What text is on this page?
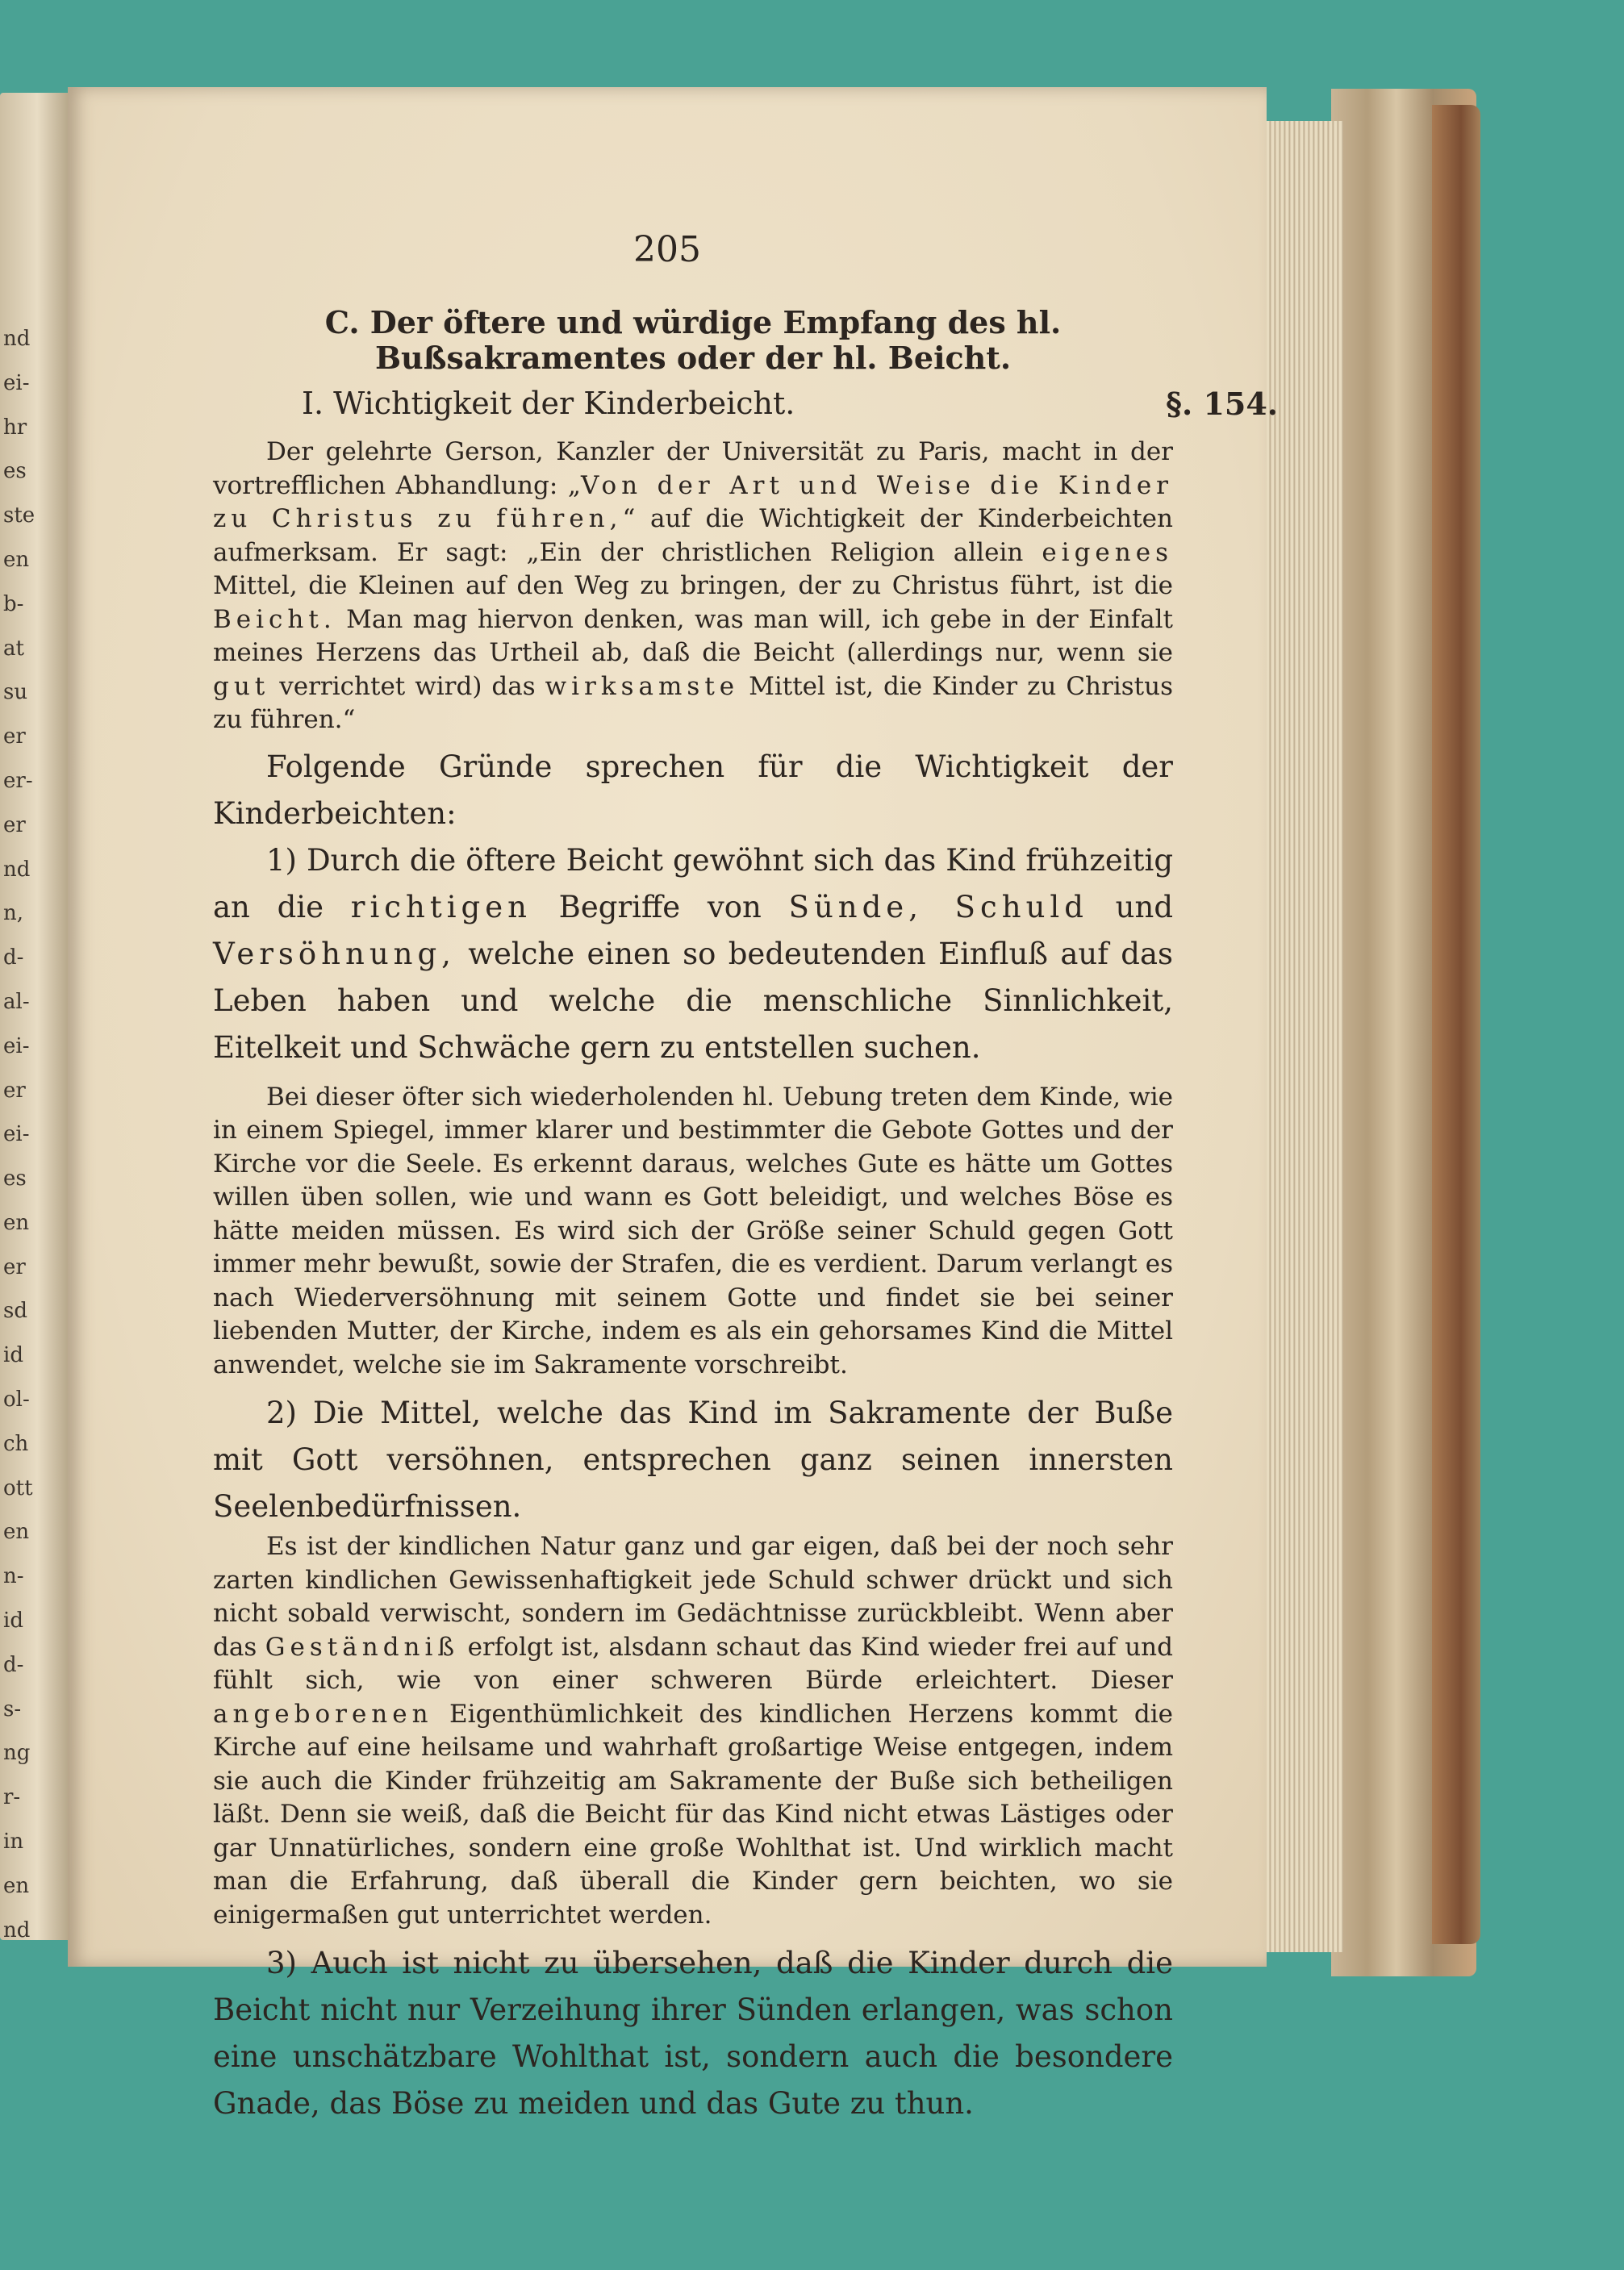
nd
ei-
hr
es
ste
en
b-
at
su
er
er-
er
nd
n,
d-
al-
ei-
er
ei-
es
en
er
sd
id
ol-
ch
ott
en
n-
id
d-
s-
ng
r-
in
en
nd
205
C. Der öftere und würdige Empfang des hl. Bußsakramentes oder der hl. Beicht.
I. Wichtigkeit der Kinderbeicht.	§. 154.

Der gelehrte Gerson, Kanzler der Universität zu Paris, macht in der vortrefflichen Abhandlung: „Von der Art und Weise die Kinder zu Christus zu führen,“ auf die Wichtigkeit der Kinderbeichten aufmerksam. Er sagt: „Ein der christlichen Religion allein eigenes Mittel, die Kleinen auf den Weg zu bringen, der zu Christus führt, ist die Beicht. Man mag hiervon denken, was man will, ich gebe in der Einfalt meines Herzens das Urtheil ab, daß die Beicht (allerdings nur, wenn sie gut verrichtet wird) das wirksamste Mittel ist, die Kinder zu Christus zu führen.“

Folgende Gründe sprechen für die Wichtigkeit der Kinderbeichten:

1) Durch die öftere Beicht gewöhnt sich das Kind frühzeitig an die richtigen Begriffe von Sünde, Schuld und Versöhnung, welche einen so bedeutenden Einfluß auf das Leben haben und welche die menschliche Sinnlichkeit, Eitelkeit und Schwäche gern zu entstellen suchen.

Bei dieser öfter sich wiederholenden hl. Uebung treten dem Kinde, wie in einem Spiegel, immer klarer und bestimmter die Gebote Gottes und der Kirche vor die Seele. Es erkennt daraus, welches Gute es hätte um Gottes willen üben sollen, wie und wann es Gott beleidigt, und welches Böse es hätte meiden müssen. Es wird sich der Größe seiner Schuld gegen Gott immer mehr bewußt, sowie der Strafen, die es verdient. Darum verlangt es nach Wiederversöhnung mit seinem Gotte und findet sie bei seiner liebenden Mutter, der Kirche, indem es als ein gehorsames Kind die Mittel anwendet, welche sie im Sakramente vorschreibt.

2) Die Mittel, welche das Kind im Sakramente der Buße mit Gott versöhnen, entsprechen ganz seinen innersten Seelenbedürfnissen.

Es ist der kindlichen Natur ganz und gar eigen, daß bei der noch sehr zarten kindlichen Gewissenhaftigkeit jede Schuld schwer drückt und sich nicht sobald verwischt, sondern im Gedächtnisse zurückbleibt. Wenn aber das Geständniß erfolgt ist, alsdann schaut das Kind wieder frei auf und fühlt sich, wie von einer schweren Bürde erleichtert. Dieser angeborenen Eigenthümlichkeit des kindlichen Herzens kommt die Kirche auf eine heilsame und wahrhaft großartige Weise entgegen, indem sie auch die Kinder frühzeitig am Sakramente der Buße sich betheiligen läßt. Denn sie weiß, daß die Beicht für das Kind nicht etwas Lästiges oder gar Unnatürliches, sondern eine große Wohlthat ist. Und wirklich macht man die Erfahrung, daß überall die Kinder gern beichten, wo sie einigermaßen gut unterrichtet werden.

3) Auch ist nicht zu übersehen, daß die Kinder durch die Beicht nicht nur Verzeihung ihrer Sünden erlangen, was schon eine unschätzbare Wohlthat ist, sondern auch die besondere Gnade, das Böse zu meiden und das Gute zu thun.
